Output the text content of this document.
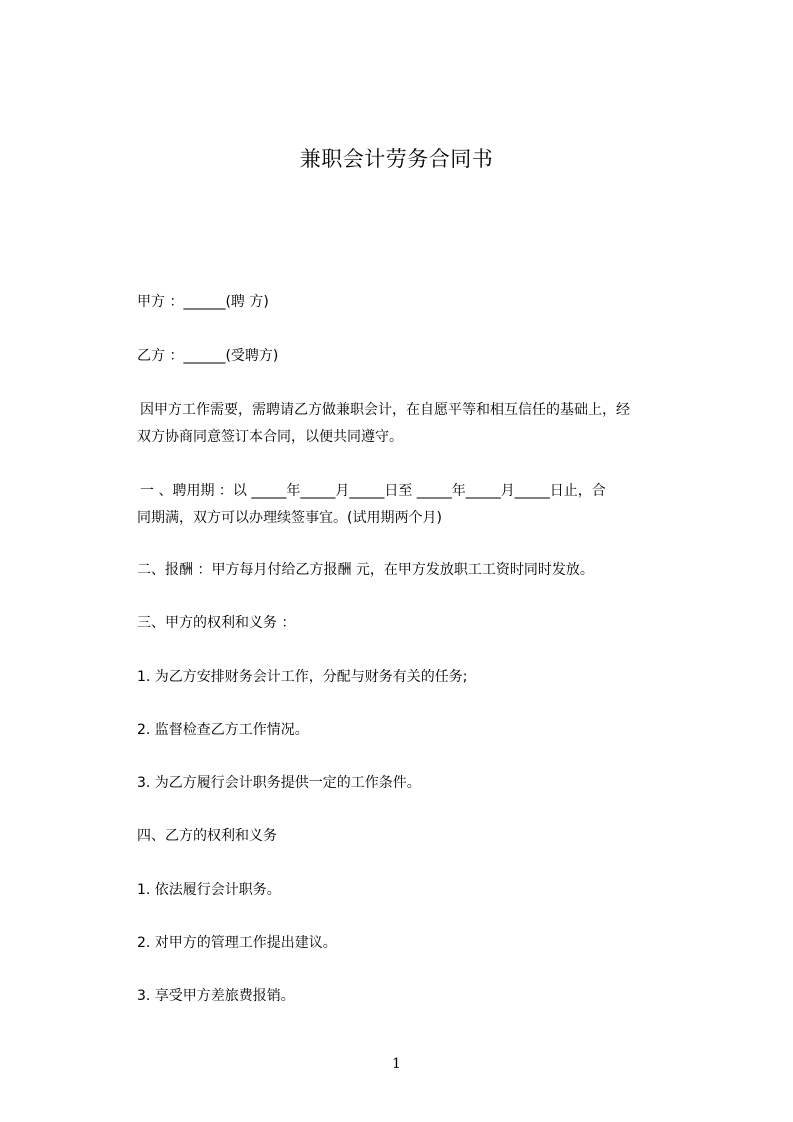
兼职会计劳务合同书
甲方 ：______(聘 方)
乙方 ：______(受聘方)
因甲方工作需要，需聘请乙方做兼职会计，在自愿平等和相互信任的基础上，经
双方协商同意签订本合同，以便共同遵守。
一 、聘用期 ：以 _____年_____月_____日至 _____年_____月_____日止，合
同期满，双方可以办理续签事宜。(试用期两个月)
二、报酬 ：甲方每月付给乙方报酬 元，在甲方发放职工工资时同时发放。
三、甲方的权利和义务 ：
1. 为乙方安排财务会计工作，分配与财务有关的任务;
2. 监督检查乙方工作情况。
3. 为乙方履行会计职务提供一定的工作条件。
四、乙方的权利和义务
1. 依法履行会计职务。
2. 对甲方的管理工作提出建议。
3. 享受甲方差旅费报销。
1
